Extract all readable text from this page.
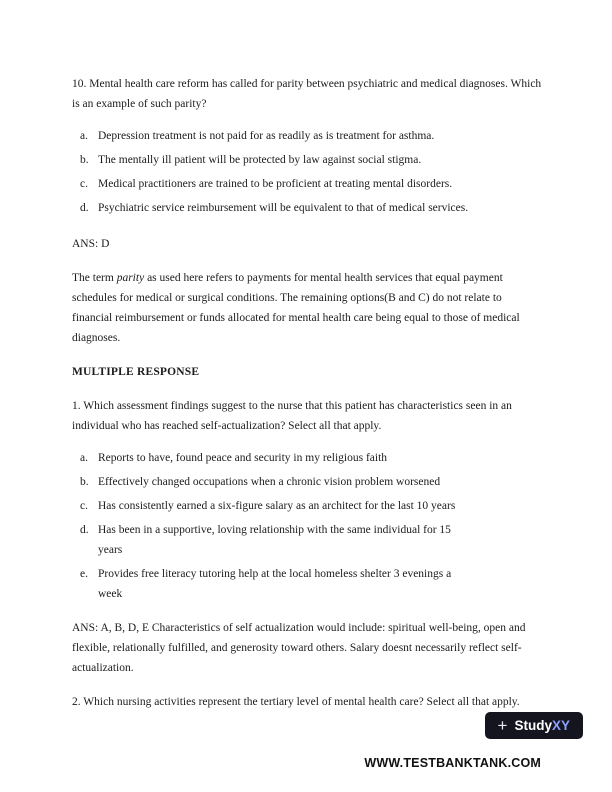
10. Mental health care reform has called for parity between psychiatric and medical diagnoses. Which is an example of such parity?

a. Depression treatment is not paid for as readily as is treatment for asthma.
b. The mentally ill patient will be protected by law against social stigma.
c. Medical practitioners are trained to be proficient at treating mental disorders.
d. Psychiatric service reimbursement will be equivalent to that of medical services.

ANS: D

The term parity as used here refers to payments for mental health services that equal payment schedules for medical or surgical conditions. The remaining options(B and C) do not relate to financial reimbursement or funds allocated for mental health care being equal to those of medical diagnoses.

MULTIPLE RESPONSE

1. Which assessment findings suggest to the nurse that this patient has characteristics seen in an individual who has reached self-actualization? Select all that apply.

a. Reports to have, found peace and security in my religious faith
b. Effectively changed occupations when a chronic vision problem worsened
c. Has consistently earned a six-figure salary as an architect for the last 10 years
d. Has been in a supportive, loving relationship with the same individual for 15 years
e. Provides free literacy tutoring help at the local homeless shelter 3 evenings a week

ANS: A, B, D, E Characteristics of self actualization would include: spiritual well-being, open and flexible, relationally fulfilled, and generosity toward others. Salary doesnt necessarily reflect self-actualization.

2. Which nursing activities represent the tertiary level of mental health care? Select all that apply.

+ StudyXY
WWW.TESTBANKTANK.COM
